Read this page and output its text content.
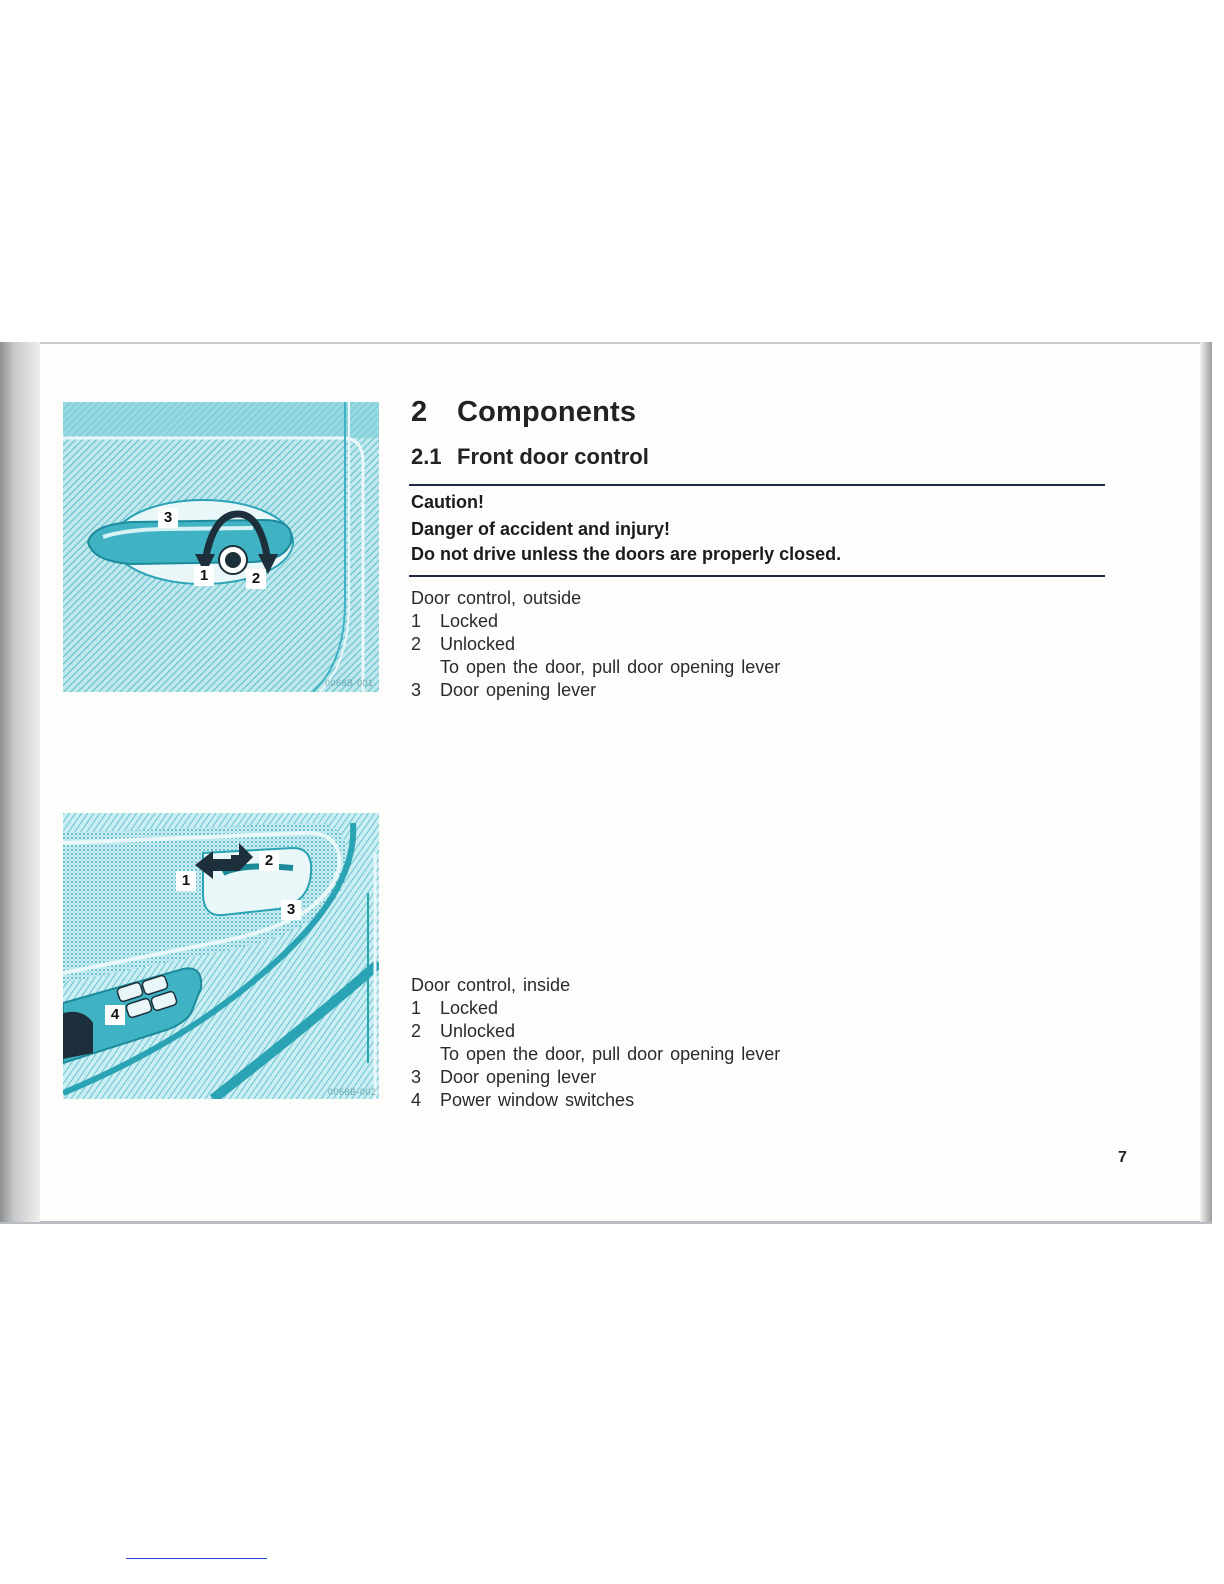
3
1	2
0068B-001
1
2
3
4
0068B-002
2 Components
2.1 Front door control
Caution!
Danger of accident and injury!
Do not drive unless the doors are properly closed.
Door control, outside
1	Locked
2	Unlocked
To open the door, pull door opening lever
3	Door opening lever
Door control, inside
1	Locked
2	Unlocked
To open the door, pull door opening lever
3	Door opening lever
4	Power window switches
7
